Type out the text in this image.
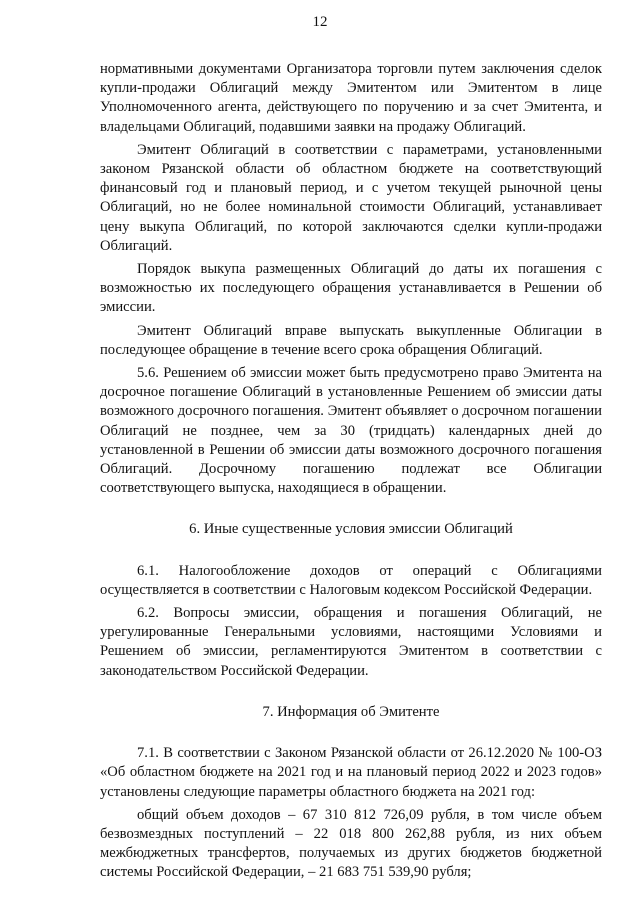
12

нормативными документами Организатора торговли путем заключения сделок купли-продажи Облигаций между Эмитентом или Эмитентом в лице Уполномоченного агента, действующего по поручению и за счет Эмитента, и владельцами Облигаций, подавшими заявки на продажу Облигаций.

Эмитент Облигаций в соответствии с параметрами, установленными законом Рязанской области об областном бюджете на соответствующий финансовый год и плановый период, и с учетом текущей рыночной цены Облигаций, но не более номинальной стоимости Облигаций, устанавливает цену выкупа Облигаций, по которой заключаются сделки купли-продажи Облигаций.

Порядок выкупа размещенных Облигаций до даты их погашения с возможностью их последующего обращения устанавливается в Решении об эмиссии.

Эмитент Облигаций вправе выпускать выкупленные Облигации в последующее обращение в течение всего срока обращения Облигаций.

5.6. Решением об эмиссии может быть предусмотрено право Эмитента на досрочное погашение Облигаций в установленные Решением об эмиссии даты возможного досрочного погашения. Эмитент объявляет о досрочном погашении Облигаций не позднее, чем за 30 (тридцать) календарных дней до установленной в Решении об эмиссии даты возможного досрочного погашения Облигаций. Досрочному погашению подлежат все Облигации соответствующего выпуска, находящиеся в обращении.

6. Иные существенные условия эмиссии Облигаций

6.1. Налогообложение доходов от операций с Облигациями осуществляется в соответствии с Налоговым кодексом Российской Федерации.

6.2. Вопросы эмиссии, обращения и погашения Облигаций, не урегулированные Генеральными условиями, настоящими Условиями и Решением об эмиссии, регламентируются Эмитентом в соответствии с законодательством Российской Федерации.

7. Информация об Эмитенте

7.1. В соответствии с Законом Рязанской области от 26.12.2020 № 100-ОЗ «Об областном бюджете на 2021 год и на плановый период 2022 и 2023 годов» установлены следующие параметры областного бюджета на 2021 год:

общий объем доходов – 67 310 812 726,09 рубля, в том числе объем безвозмездных поступлений – 22 018 800 262,88 рубля, из них объем межбюджетных трансфертов, получаемых из других бюджетов бюджетной системы Российской Федерации, – 21 683 751 539,90 рубля;
